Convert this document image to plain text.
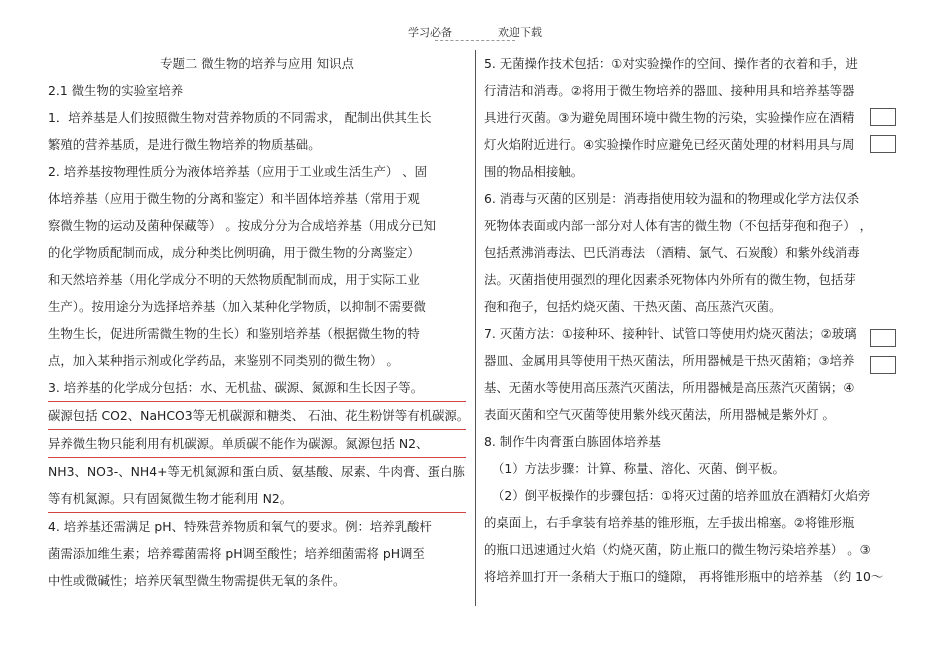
学习必备	欢迎下载
专题二 微生物的培养与应用 知识点
2.1 微生物的实验室培养
1．培养基是人们按照微生物对营养物质的不同需求， 配制出供其生长
繁殖的营养基质，是进行微生物培养的物质基础。
2. 培养基按物理性质分为液体培养基（应用于工业或生活生产） 、固
体培养基（应用于微生物的分离和鉴定）和半固体培养基（常用于观
察微生物的运动及菌种保藏等） 。按成分分为合成培养基（用成分已知
的化学物质配制而成，成分种类比例明确，用于微生物的分离鉴定）
和天然培养基（用化学成分不明的天然物质配制而成，用于实际工业
生产）。按用途分为选择培养基（加入某种化学物质，以抑制不需要微
生物生长，促进所需微生物的生长）和鉴别培养基（根据微生物的特
点，加入某种指示剂或化学药品，来鉴别不同类别的微生物） 。
3. 培养基的化学成分包括：水、无机盐、碳源、氮源和生长因子等。
碳源包括 CO2、NaHCO3等无机碳源和糖类、 石油、花生粉饼等有机碳源。
异养微生物只能利用有机碳源。单质碳不能作为碳源。氮源包括 N2、
NH3、NO3-、NH4+等无机氮源和蛋白质、氨基酸、尿素、牛肉膏、蛋白胨
等有机氮源。只有固氮微生物才能利用 N2。
4. 培养基还需满足 pH、特殊营养物质和氧气的要求。例：培养乳酸杆
菌需添加维生素；培养霉菌需将 pH调至酸性；培养细菌需将 pH调至
中性或微碱性；培养厌氧型微生物需提供无氧的条件。
5. 无菌操作技术包括：①对实验操作的空间、操作者的衣着和手，进
行清洁和消毒。②将用于微生物培养的器皿、接种用具和培养基等器
具进行灭菌。③为避免周围环境中微生物的污染，实验操作应在酒精
灯火焰附近进行。④实验操作时应避免已经灭菌处理的材料用具与周
围的物品相接触。
6. 消毒与灭菌的区别是：消毒指使用较为温和的物理或化学方法仅杀
死物体表面或内部一部分对人体有害的微生物（不包括芽孢和孢子） ，
包括煮沸消毒法、巴氏消毒法 （酒精、氯气、石炭酸）和紫外线消毒
法。灭菌指使用强烈的理化因素杀死物体内外所有的微生物，包括芽
孢和孢子，包括灼烧灭菌、干热灭菌、高压蒸汽灭菌。
7. 灭菌方法：①接种环、接种针、试管口等使用灼烧灭菌法；②玻璃
器皿、金属用具等使用干热灭菌法，所用器械是干热灭菌箱；③培养
基、无菌水等使用高压蒸汽灭菌法，所用器械是高压蒸汽灭菌锅；④
表面灭菌和空气灭菌等使用紫外线灭菌法，所用器械是紫外灯 。
8. 制作牛肉膏蛋白胨固体培养基
（1）方法步骤：计算、称量、溶化、灭菌、倒平板。
（2）倒平板操作的步骤包括：①将灭过菌的培养皿放在酒精灯火焰旁
的桌面上，右手拿装有培养基的锥形瓶，左手拔出棉塞。②将锥形瓶
的瓶口迅速通过火焰（灼烧灭菌，防止瓶口的微生物污染培养基） 。③
将培养皿打开一条稍大于瓶口的缝隙， 再将锥形瓶中的培养基 （约 10～
